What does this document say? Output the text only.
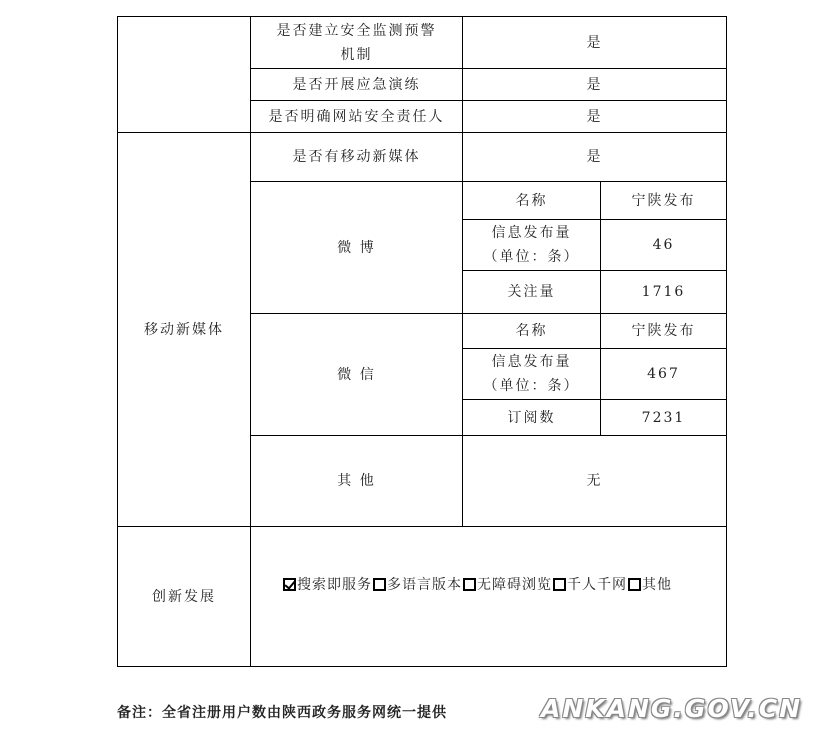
	是否建立安全监测预警机制	是	
	是否开展应急演练	是	
	是否明确网站安全责任人	是	
移动新媒体	是否有移动新媒体	是	
	微 博	名称	宁陕发布
		信息发布量（单位：条）	46
		关注量	1716
	微 信	名称	宁陕发布
		信息发布量（单位：条）	467
		订阅数	7231
	其 他	无	

创新发展	搜索即服务 多语言版本 无障碍浏览 千人千网 其他		
备注：全省注册用户数由陕西政务服务网统一提供	ANKANG.GOV.CN
